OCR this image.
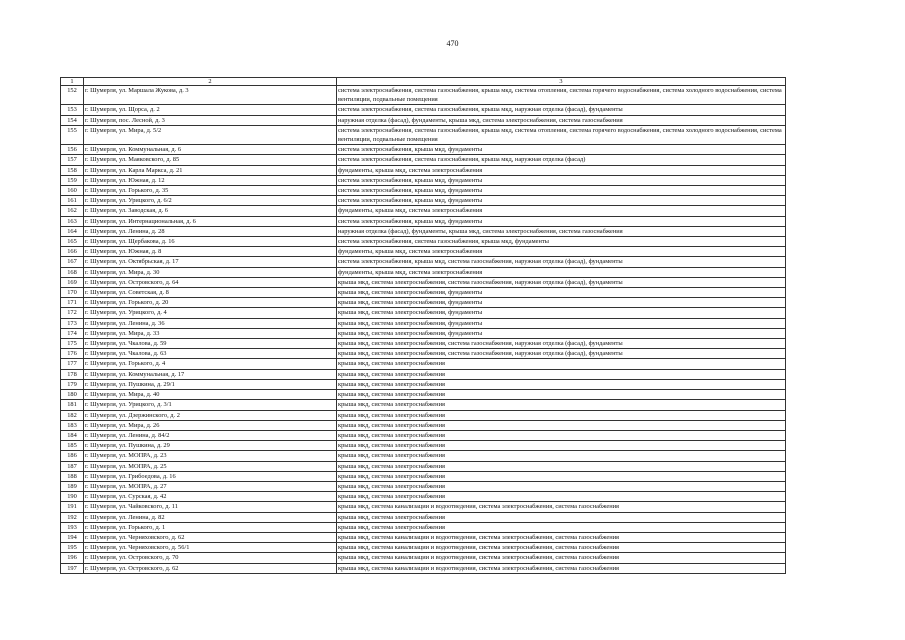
470
1	2	3
152	г. Шумерля, ул. Маршала Жукова, д. 3	система электроснабжения, система газоснабжения, крыша мкд, система отопления, система горячего водоснабжения, система холодного водоснабжения, система вентиляции, подвальные помещения
153	г. Шумерля, ул. Щорса, д. 2	система электроснабжения, система газоснабжения, крыша мкд, наружная отделка (фасад), фундаменты
154	г. Шумерля, пос. Лесной, д. 3	наружная отделка (фасад), фундаменты, крыша мкд, система электроснабжения, система газоснабжения
155	г. Шумерля, ул. Мира, д. 5/2	система электроснабжения, система газоснабжения, крыша мкд, система отопления, система горячего водоснабжения, система холодного водоснабжения, система вентиляции, подвальные помещения
156	г. Шумерля, ул. Коммунальная, д. 6	система электроснабжения, крыша мкд, фундаменты
157	г. Шумерля, ул. Маяковского, д. 85	система электроснабжения, система газоснабжения, крыша мкд, наружная отделка (фасад)
158	г. Шумерля, ул. Карла Маркса, д. 21	фундаменты, крыша мкд, система электроснабжения
159	г. Шумерля, ул. Южная, д. 12	система электроснабжения, крыша мкд, фундаменты
160	г. Шумерля, ул. Горького, д. 35	система электроснабжения, крыша мкд, фундаменты
161	г. Шумерля, ул. Урицкого, д. 6/2	система электроснабжения, крыша мкд, фундаменты
162	г. Шумерля, ул. Заводская, д. 6	фундаменты, крыша мкд, система электроснабжения
163	г. Шумерля, ул. Интернациональная, д. 6	система электроснабжения, крыша мкд, фундаменты
164	г. Шумерля, ул. Ленина, д. 28	наружная отделка (фасад), фундаменты, крыша мкд, система электроснабжения, система газоснабжения
165	г. Шумерля, ул. Щербакова, д. 16	система электроснабжения, система газоснабжения, крыша мкд, фундаменты
166	г. Шумерля, ул. Южная, д. 8	фундаменты, крыша мкд, система электроснабжения
167	г. Шумерля, ул. Октябрьская, д. 17	система электроснабжения, крыша мкд, система газоснабжения, наружная отделка (фасад), фундаменты
168	г. Шумерля, ул. Мира, д. 30	фундаменты, крыша мкд, система электроснабжения
169	г. Шумерля, ул. Островского, д. 64	крыша мкд, система электроснабжения, система газоснабжения, наружная отделка (фасад), фундаменты
170	г. Шумерля, ул. Советская, д. 8	крыша мкд, система электроснабжения, фундаменты
171	г. Шумерля, ул. Горького, д. 20	крыша мкд, система электроснабжения, фундаменты
172	г. Шумерля, ул. Урицкого, д. 4	крыша мкд, система электроснабжения, фундаменты
173	г. Шумерля, ул. Ленина, д. 36	крыша мкд, система электроснабжения, фундаменты
174	г. Шумерля, ул. Мира, д. 33	крыша мкд, система электроснабжения, фундаменты
175	г. Шумерля, ул. Чкалова, д. 59	крыша мкд, система электроснабжения, система газоснабжения, наружная отделка (фасад), фундаменты
176	г. Шумерля, ул. Чкалова, д. 63	крыша мкд, система электроснабжения, система газоснабжения, наружная отделка (фасад), фундаменты
177	г. Шумерля, ул. Горького, д. 4	крыша мкд, система электроснабжения
178	г. Шумерля, ул. Коммунальная, д. 17	крыша мкд, система электроснабжения
179	г. Шумерля, ул. Пушкина, д. 29/1	крыша мкд, система электроснабжения
180	г. Шумерля, ул. Мира, д. 40	крыша мкд, система электроснабжения
181	г. Шумерля, ул. Урицкого, д. 3/1	крыша мкд, система электроснабжения
182	г. Шумерля, ул. Дзержинского, д. 2	крыша мкд, система электроснабжения
183	г. Шумерля, ул. Мира, д. 26	крыша мкд, система электроснабжения
184	г. Шумерля, ул. Ленина, д. 84/2	крыша мкд, система электроснабжения
185	г. Шумерля, ул. Пушкина, д. 29	крыша мкд, система электроснабжения
186	г. Шумерля, ул. МОПРА, д. 23	крыша мкд, система электроснабжения
187	г. Шумерля, ул. МОПРА, д. 25	крыша мкд, система электроснабжения
188	г. Шумерля, ул. Грибоедова, д. 16	крыша мкд, система электроснабжения
189	г. Шумерля, ул. МОПРА, д. 27	крыша мкд, система электроснабжения
190	г. Шумерля, ул. Сурская, д. 42	крыша мкд, система электроснабжения
191	г. Шумерля, ул. Чайковского, д. 11	крыша мкд, система канализации и водоотведения, система электроснабжения, система газоснабжения
192	г. Шумерля, ул. Ленина, д. 82	крыша мкд, система электроснабжения
193	г. Шумерля, ул. Горького, д. 1	крыша мкд, система электроснабжения
194	г. Шумерля, ул. Черняховского, д. 62	крыша мкд, система канализации и водоотведения, система электроснабжения, система газоснабжения
195	г. Шумерля, ул. Черняховского, д. 56/1	крыша мкд, система канализации и водоотведения, система электроснабжения, система газоснабжения
196	г. Шумерля, ул. Островского, д. 70	крыша мкд, система канализации и водоотведения, система электроснабжения, система газоснабжения
197	г. Шумерля, ул. Островского, д. 62	крыша мкд, система канализации и водоотведения, система электроснабжения, система газоснабжения
